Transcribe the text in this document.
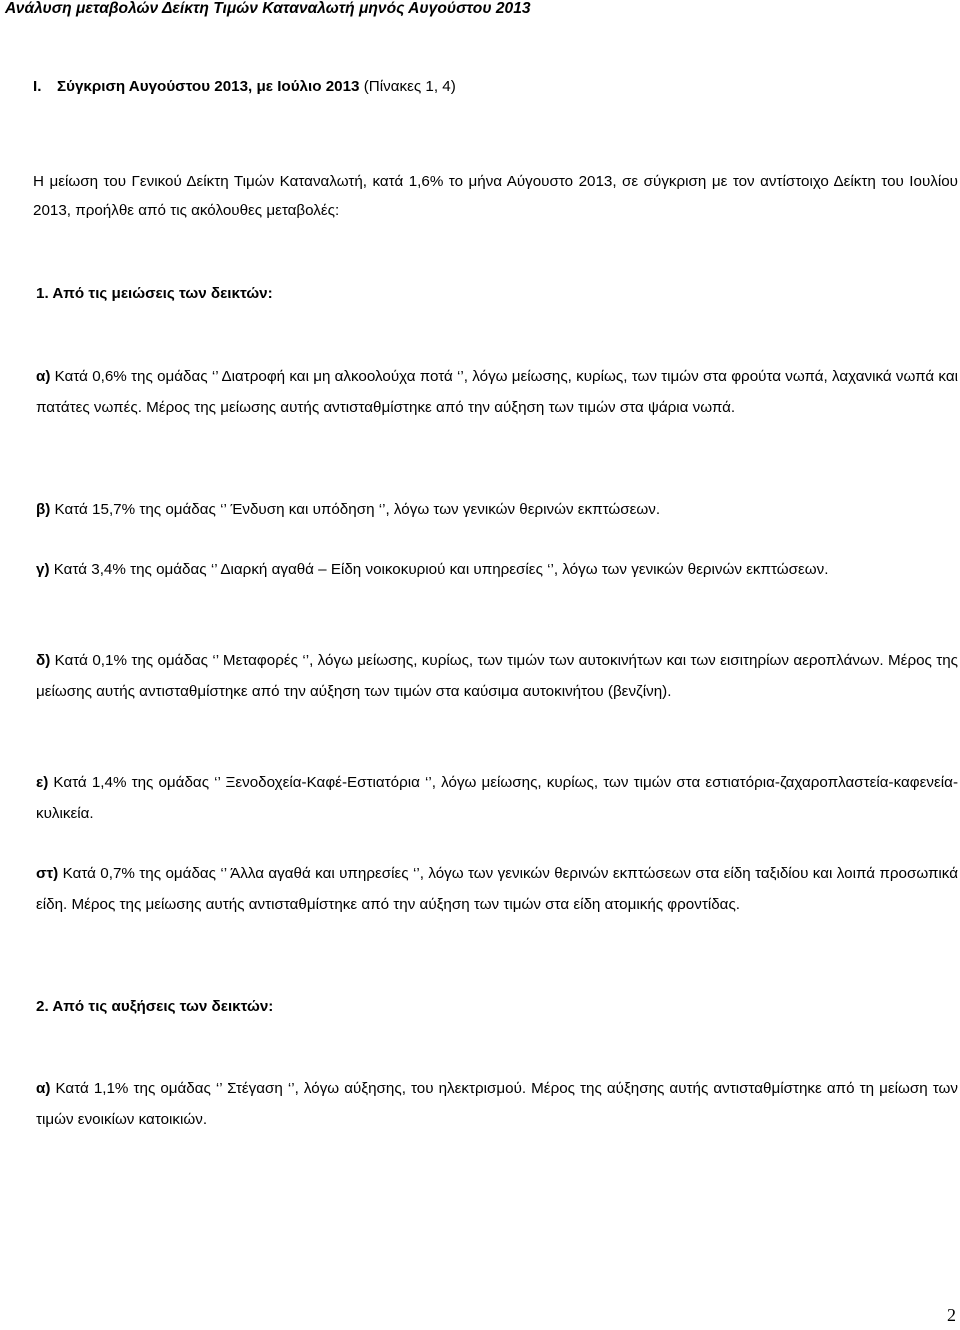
Ανάλυση μεταβολών Δείκτη Τιμών Καταναλωτή μηνός Αυγούστου 2013
I. Σύγκριση Αυγούστου 2013, με Ιούλιο 2013 (Πίνακες 1, 4)

Η μείωση του Γενικού Δείκτη Τιμών Καταναλωτή, κατά 1,6% το μήνα Αύγουστο 2013, σε σύγκριση με τον αντίστοιχο Δείκτη του Ιουλίου 2013, προήλθε από τις ακόλουθες μεταβολές:

1. Από τις μειώσεις των δεικτών:

α) Κατά 0,6% της ομάδας ‘’ Διατροφή και μη αλκοολούχα ποτά ‘’, λόγω μείωσης, κυρίως, των τιμών στα φρούτα νωπά, λαχανικά νωπά και πατάτες νωπές. Μέρος της μείωσης αυτής αντισταθμίστηκε από την αύξηση των τιμών στα ψάρια νωπά.

β) Κατά 15,7% της ομάδας ‘’ Ένδυση και υπόδηση ‘’, λόγω των γενικών θερινών εκπτώσεων.

γ) Κατά 3,4% της ομάδας ‘’ Διαρκή αγαθά – Είδη νοικοκυριού και υπηρεσίες ‘’, λόγω των γενικών θερινών εκπτώσεων.

δ) Κατά 0,1% της ομάδας ‘’ Μεταφορές ‘’, λόγω μείωσης, κυρίως, των τιμών των αυτοκινήτων και των εισιτηρίων αεροπλάνων. Μέρος της μείωσης αυτής αντισταθμίστηκε από την αύξηση των τιμών στα καύσιμα αυτοκινήτου (βενζίνη).

ε) Κατά 1,4% της ομάδας ‘’ Ξενοδοχεία-Καφέ-Εστιατόρια ‘’, λόγω μείωσης, κυρίως, των τιμών στα εστιατόρια-ζαχαροπλαστεία-καφενεία-κυλικεία.

στ) Κατά 0,7% της ομάδας ‘’ Άλλα αγαθά και υπηρεσίες ‘’, λόγω των γενικών θερινών εκπτώσεων στα είδη ταξιδίου και λοιπά προσωπικά είδη. Μέρος της μείωσης αυτής αντισταθμίστηκε από την αύξηση των τιμών στα είδη ατομικής φροντίδας.

2. Από τις αυξήσεις των δεικτών:

α) Κατά 1,1% της ομάδας ‘’ Στέγαση ‘’, λόγω αύξησης, του ηλεκτρισμού. Μέρος της αύξησης αυτής αντισταθμίστηκε από τη μείωση των τιμών ενοικίων κατοικιών.

2
